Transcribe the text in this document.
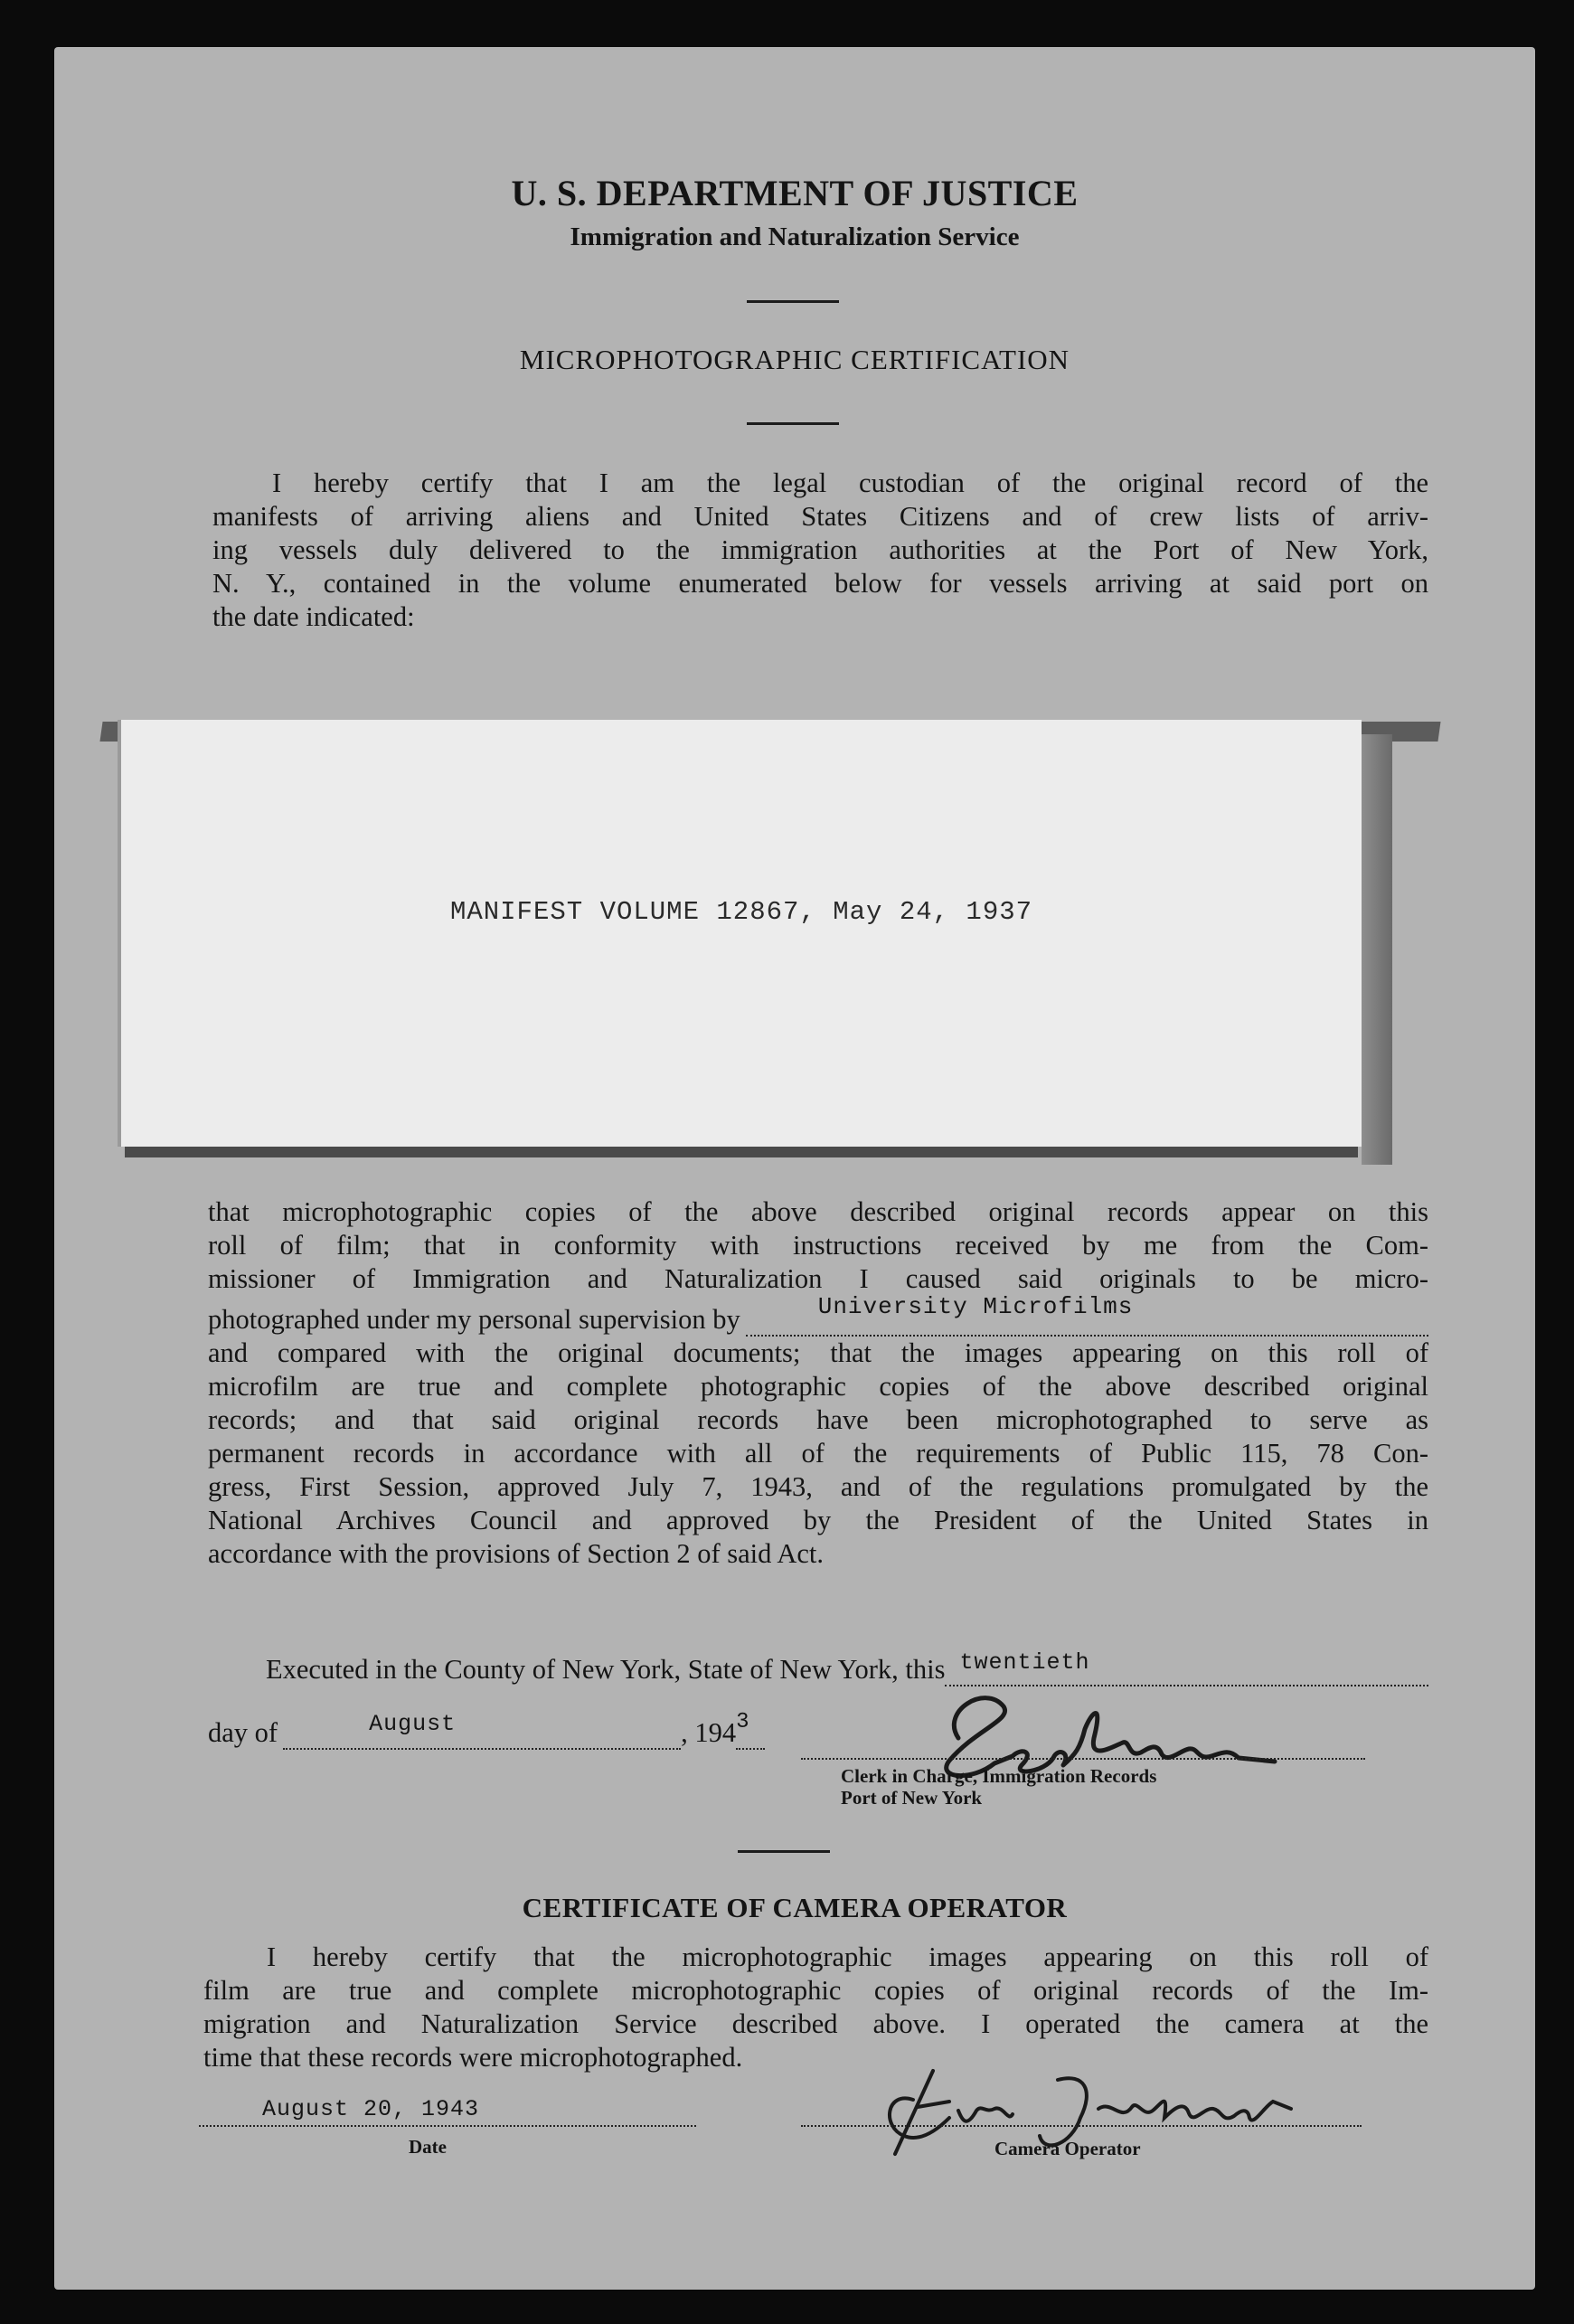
U. S. DEPARTMENT OF JUSTICE
Immigration and Naturalization Service
MICROPHOTOGRAPHIC CERTIFICATION
I hereby certify that I am the legal custodian of the original record of the
manifests of arriving aliens and United States Citizens and of crew lists of arriv-
ing vessels duly delivered to the immigration authorities at the Port of New York,
N. Y., contained in the volume enumerated below for vessels arriving at said port on
the date indicated:
MANIFEST VOLUME 12867, May 24, 1937
that microphotographic copies of the above described original records appear on this
roll of film; that in conformity with instructions received by me from the Com-
missioner of Immigration and Naturalization I caused said originals to be micro-
photographed under my personal supervision by	University Microfilms
and compared with the original documents; that the images appearing on this roll of
microfilm are true and complete photographic copies of the above described original
records; and that said original records have been microphotographed to serve as
permanent records in accordance with all of the requirements of Public 115, 78 Con-
gress, First Session, approved July 7, 1943, and of the regulations promulgated by the
National Archives Council and approved by the President of the United States in
accordance with the provisions of Section 2 of said Act.
Executed in the County of New York, State of New York, this twentieth
day of	August	, 194 3
Clerk in Charge, Immigration Records
Port of New York
CERTIFICATE OF CAMERA OPERATOR
I hereby certify that the microphotographic images appearing on this roll of
film are true and complete microphotographic copies of original records of the Im-
migration and Naturalization Service described above. I operated the camera at the
time that these records were microphotographed.
August 20, 1943
Date	Camera Operator
